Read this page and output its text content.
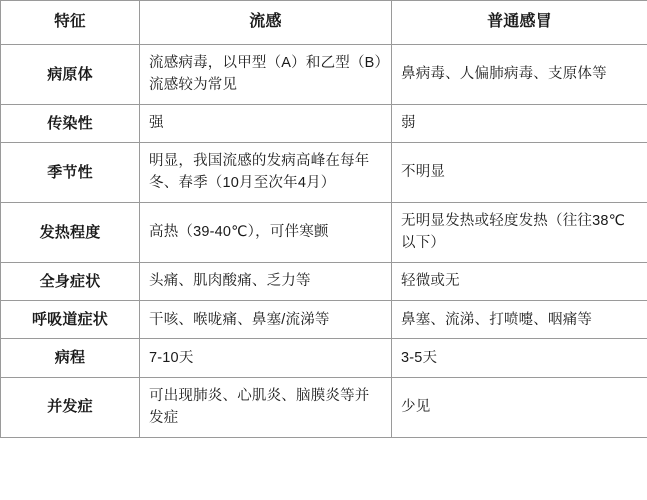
特征	流感	普通感冒
病原体	流感病毒，以甲型（A）和乙型（B）流感较为常见	鼻病毒、人偏肺病毒、支原体等
传染性	强	弱
季节性	明显，我国流感的发病高峰在每年冬、春季（10月至次年4月）	不明显
发热程度	高热（39-40℃），可伴寒颤	无明显发热或轻度发热（往往38℃以下）
全身症状	头痛、肌肉酸痛、乏力等	轻微或无
呼吸道症状	干咳、喉咙痛、鼻塞/流涕等	鼻塞、流涕、打喷嚏、咽痛等
病程	7-10天	3-5天
并发症	可出现肺炎、心肌炎、脑膜炎等并发症	少见
